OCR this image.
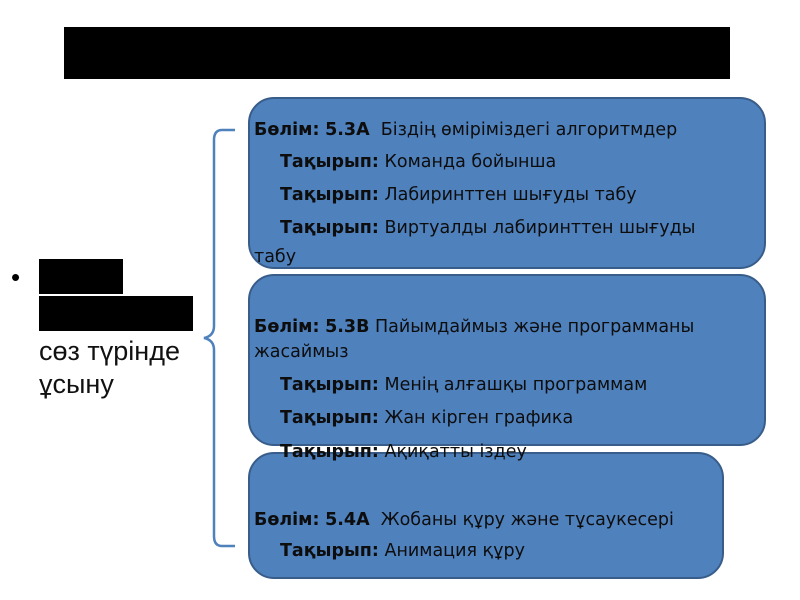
•
сөз түрінде
ұсыну
Бөлім: 5.3A Біздің өміріміздегі алгоритмдер
Тақырып: Команда бойынша
Тақырып: Лабиринттен шығуды табу
Тақырып: Виртуалды лабиринттен шығуды
табу
Бөлім: 5.3B Пайымдаймыз және программаны
жасаймыз
Тақырып: Менің алғашқы программам
Тақырып: Жан кірген графика
Тақырып: Ақиқатты іздеу
Бөлім: 5.4A Жобаны құру және тұсаукесері
Тақырып: Анимация құру
